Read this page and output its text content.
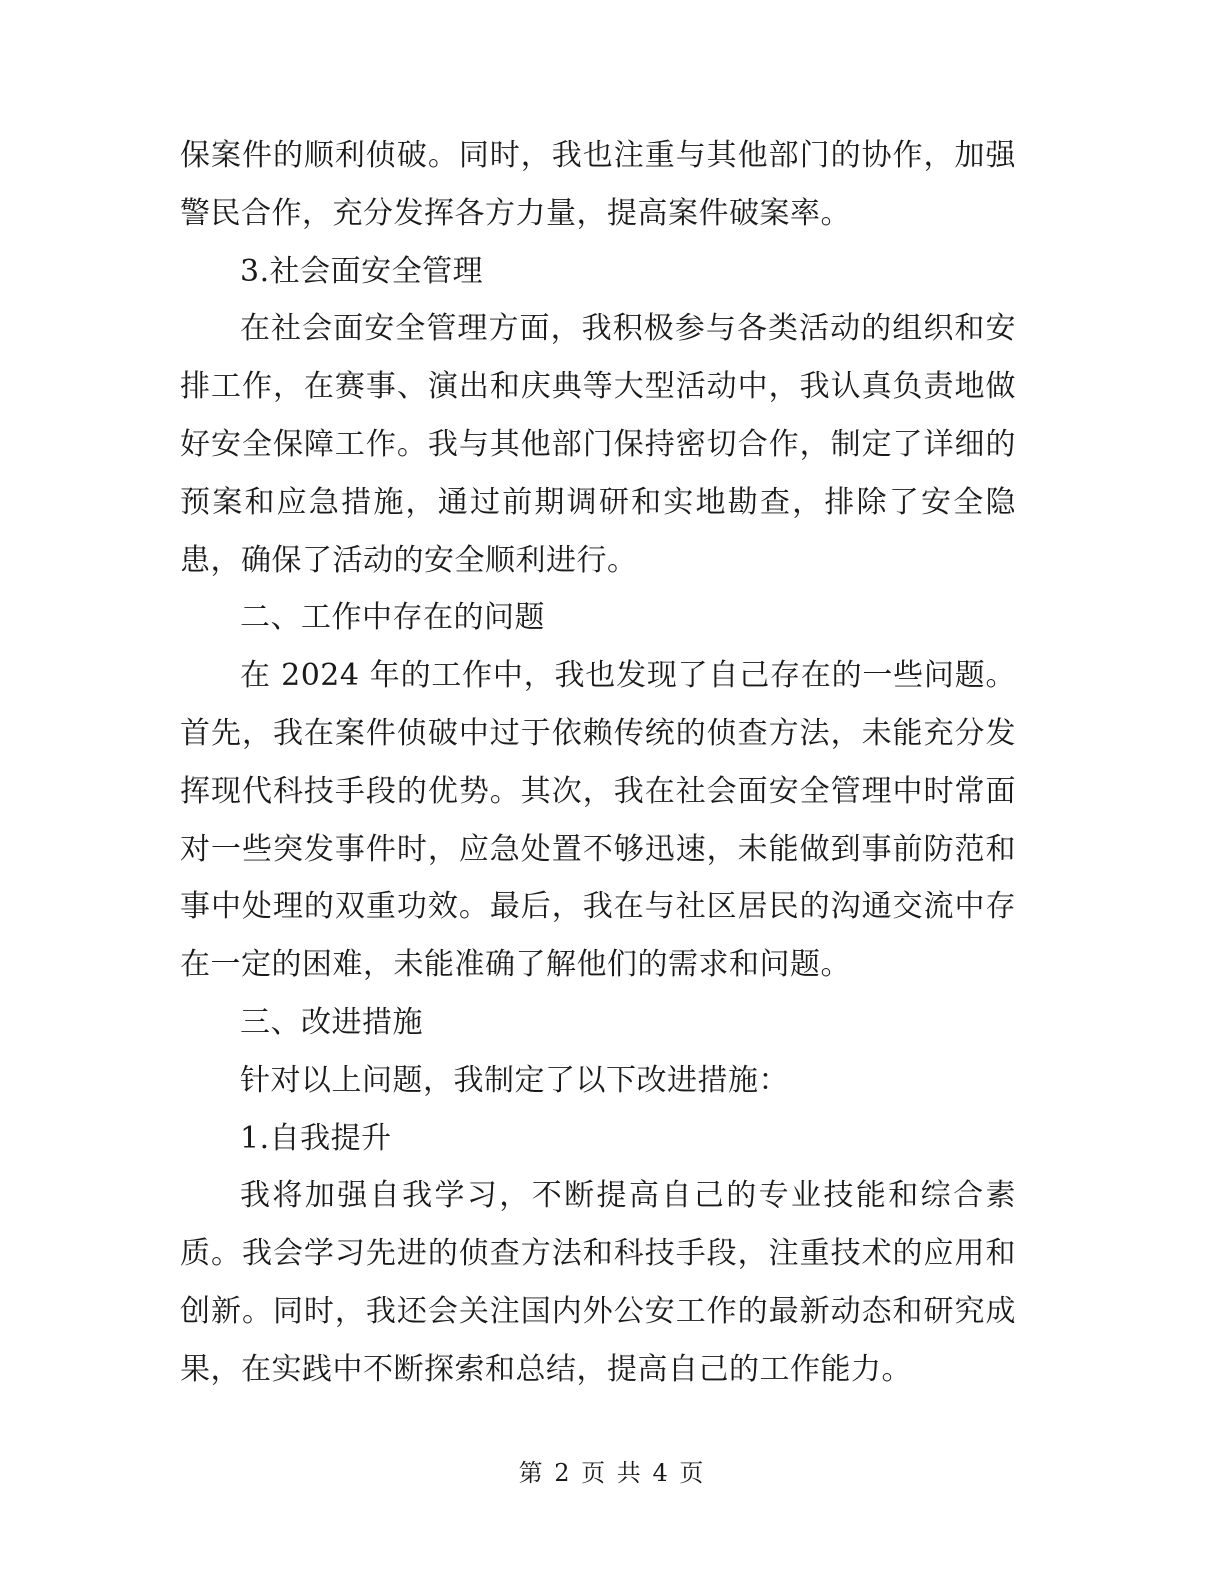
保案件的顺利侦破。同时，我也注重与其他部门的协作，加强警民合作，充分发挥各方力量，提高案件破案率。

3.社会面安全管理

在社会面安全管理方面，我积极参与各类活动的组织和安排工作，在赛事、演出和庆典等大型活动中，我认真负责地做好安全保障工作。我与其他部门保持密切合作，制定了详细的预案和应急措施，通过前期调研和实地勘查，排除了安全隐患，确保了活动的安全顺利进行。

二、工作中存在的问题

在 2024 年的工作中，我也发现了自己存在的一些问题。首先，我在案件侦破中过于依赖传统的侦查方法，未能充分发挥现代科技手段的优势。其次，我在社会面安全管理中时常面对一些突发事件时，应急处置不够迅速，未能做到事前防范和事中处理的双重功效。最后，我在与社区居民的沟通交流中存在一定的困难，未能准确了解他们的需求和问题。

三、改进措施

针对以上问题，我制定了以下改进措施：

1.自我提升

我将加强自我学习，不断提高自己的专业技能和综合素质。我会学习先进的侦查方法和科技手段，注重技术的应用和创新。同时，我还会关注国内外公安工作的最新动态和研究成果，在实践中不断探索和总结，提高自己的工作能力。

第 2 页 共 4 页
